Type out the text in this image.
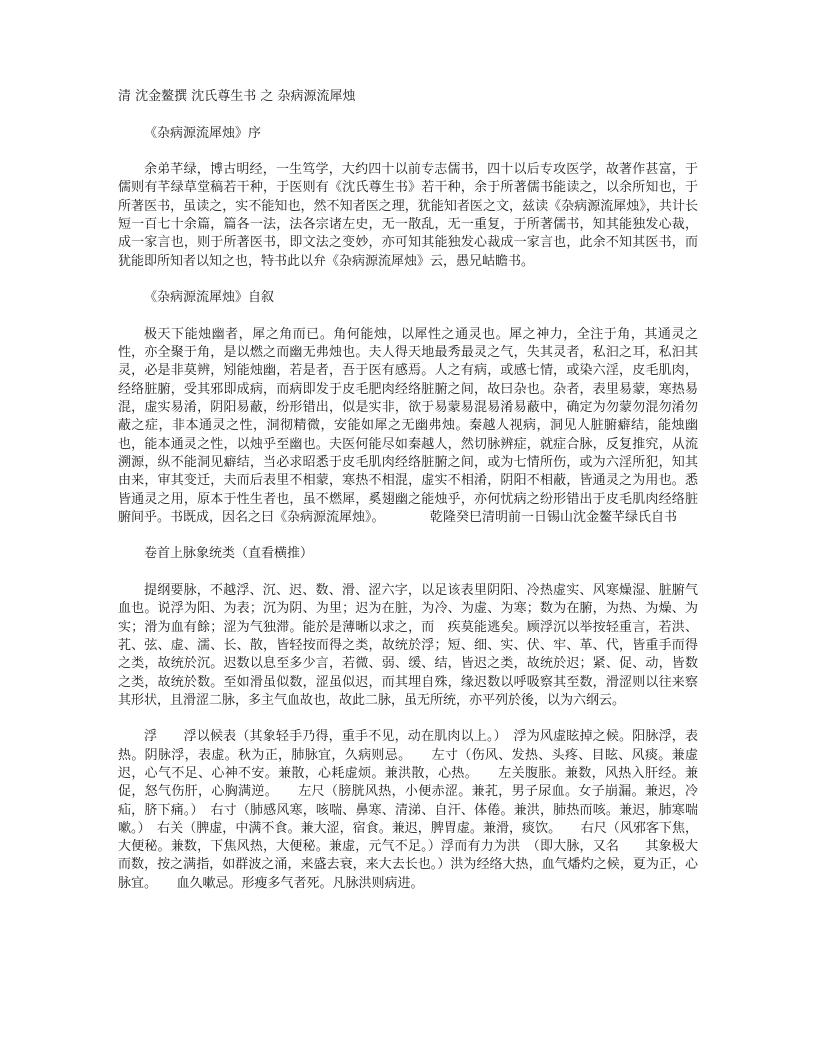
清 沈金鳌撰 沈氏尊生书 之 杂病源流犀烛
《杂病源流犀烛》序
余弟芊绿，博古明经，一生笃学，大约四十以前专志儒书，四十以后专攻医学，故著作甚富，于儒则有芊绿草堂稿若干种，于医则有《沈氏尊生书》若干种，余于所著儒书能读之，以余所知也，于所著医书，虽读之，实不能知也，然不知者医之理，犹能知者医之文，兹读《杂病源流犀烛》，共计长短一百七十余篇，篇各一法，法各宗诸左史，无一散乱，无一重复，于所著儒书，知其能独发心裁，成一家言也，则于所著医书，即文法之变妙，亦可知其能独发心裁成一家言也，此余不知其医书，而犹能即所知者以知之也，特书此以弁《杂病源流犀烛》云，愚兄岵瞻书。
《杂病源流犀烛》自叙
极天下能烛幽者，犀之角而已。角何能烛，以犀性之通灵也。犀之神力，全注于角，其通灵之性，亦全聚于角，是以燃之而幽无弗烛也。夫人得天地最秀最灵之气，失其灵者，私汩之耳，私汩其灵，必是非莫辨，矧能烛幽，若是者，吾于医有感焉。人之有病，或感七情，或染六淫，皮毛肌肉，经络脏腑，受其邪即成病，而病即发于皮毛肥肉经络脏腑之间，故曰杂也。杂者，表里易蒙，寒热易混，虚实易淆，阴阳易蔽，纷形错出，似是实非，欲于易蒙易混易淆易蔽中，确定为勿蒙勿混勿淆勿蔽之症，非本通灵之性，洞彻精微，安能如犀之无幽弗烛。秦越人视病，洞见人脏腑癖结，能烛幽也，能本通灵之性，以烛乎至幽也。夫医何能尽如秦越人，然切脉辨症，就症合脉，反复推究，从流溯源，纵不能洞见癖结，当必求昭悉于皮毛肌肉经络脏腑之间，或为七情所伤，或为六淫所犯，知其由来，审其变迁，夫而后表里不相蒙，寒热不相混，虚实不相淆，阴阳不相蔽，皆通灵之为用也。悉皆通灵之用，原本于性生者也，虽不燃犀，奚翅幽之能烛乎，亦何忧病之纷形错出于皮毛肌肉经络脏腑间乎。书既成，因名之曰《杂病源流犀烛》。　　　　乾隆癸巳清明前一日锡山沈金鳌芊绿氏自书
卷首上脉象统类（直看横推）
提纲要脉，不越浮、沉、迟、数、滑、涩六字，以足该表里阴阳、冷热虚实、风寒燥湿、脏腑气血也。说浮为阳、为表；沉为阴、为里；迟为在脏，为冷、为虚、为寒；数为在腑，为热、为燥、为实；滑为血有餘；涩为气独滞。能於是薄晰以求之，而　疾莫能逃矣。顾浮沉以举按轻重言，若洪、芤、弦、虚、濡、长、散，皆轻按而得之类，故统於浮；短、细、实、伏、牢、革、代，皆重手而得之类，故统於沉。迟数以息至多少言，若微、弱、缓、结，皆迟之类，故统於迟；紧、促、动，皆数之类，故统於数。至如滑虽似数，涩虽似迟，而其埋自殊，缘迟数以呼吸察其至数，滑涩则以往来察其形状，且滑涩二脉，多主气血故也，故此二脉，虽无所统，亦平列於後，以为六纲云。
浮　　浮以候表（其象轻手乃得，重手不见，动在肌肉以上。）　浮为风虚眩掉之候。阳脉浮，表热。阴脉浮，表虚。秋为正，肺脉宜，久病则忌。　　左寸（伤风、发热、头疼、目眩、风痰。兼虚迟，心气不足、心神不安。兼散，心耗虚烦。兼洪散，心热。　　左关腹胀。兼数，风热入肝经。兼促，怒气伤肝，心胸满逆。　　左尺（膀胱风热，小便赤涩。兼芤，男子尿血。女子崩漏。兼迟，冷疝，脐下痛。）　右寸（肺感风寒，咳喘、鼻寒、清涕、自汗、体倦。兼洪，肺热而咳。兼迟，肺寒喘嗽。）　右关（脾虚，中满不食。兼大涩，宿食。兼迟，脾胃虚。兼滑，痰饮。　　右尺（风邪客下焦，大便秘。兼数，下焦风热，大便秘。兼虚，元气不足。）浮而有力为洪　（即大脉，又名　　其象极大而数，按之满指，如群波之涌，来盛去衰，来大去长也。）洪为经络大热，血气燔灼之候，夏为正，心脉宜。　　血久嗽忌。形瘦多气者死。凡脉洪则病进。
